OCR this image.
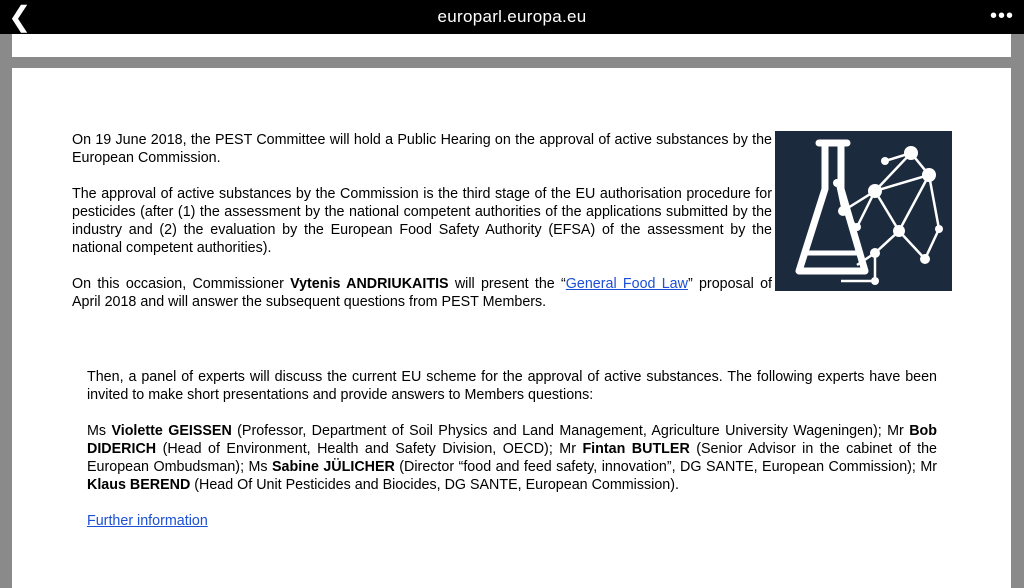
❮	europarl.europa.eu	•••

On 19 June 2018, the PEST Committee will hold a Public Hearing on the approval of active substances by the European Commission.

The approval of active substances by the Commission is the third stage of the EU authorisation procedure for pesticides (after (1) the assessment by the national competent authorities of the applications submitted by the industry and (2) the evaluation by the European Food Safety Authority (EFSA) of the assessment by the national competent authorities).

On this occasion, Commissioner Vytenis ANDRIUKAITIS will present the “General Food Law” proposal of April 2018 and will answer the subsequent questions from PEST Members.

Then, a panel of experts will discuss the current EU scheme for the approval of active substances. The following experts have been invited to make short presentations and provide answers to Members questions:

Ms Violette GEISSEN (Professor, Department of Soil Physics and Land Management, Agriculture University Wageningen); Mr Bob DIDERICH (Head of Environment, Health and Safety Division, OECD); Mr Fintan BUTLER (Senior Advisor in the cabinet of the European Ombudsman); Ms Sabine JÜLICHER (Director “food and feed safety, innovation”, DG SANTE, European Commission); Mr Klaus BEREND (Head Of Unit Pesticides and Biocides, DG SANTE, European Commission).

Further information
